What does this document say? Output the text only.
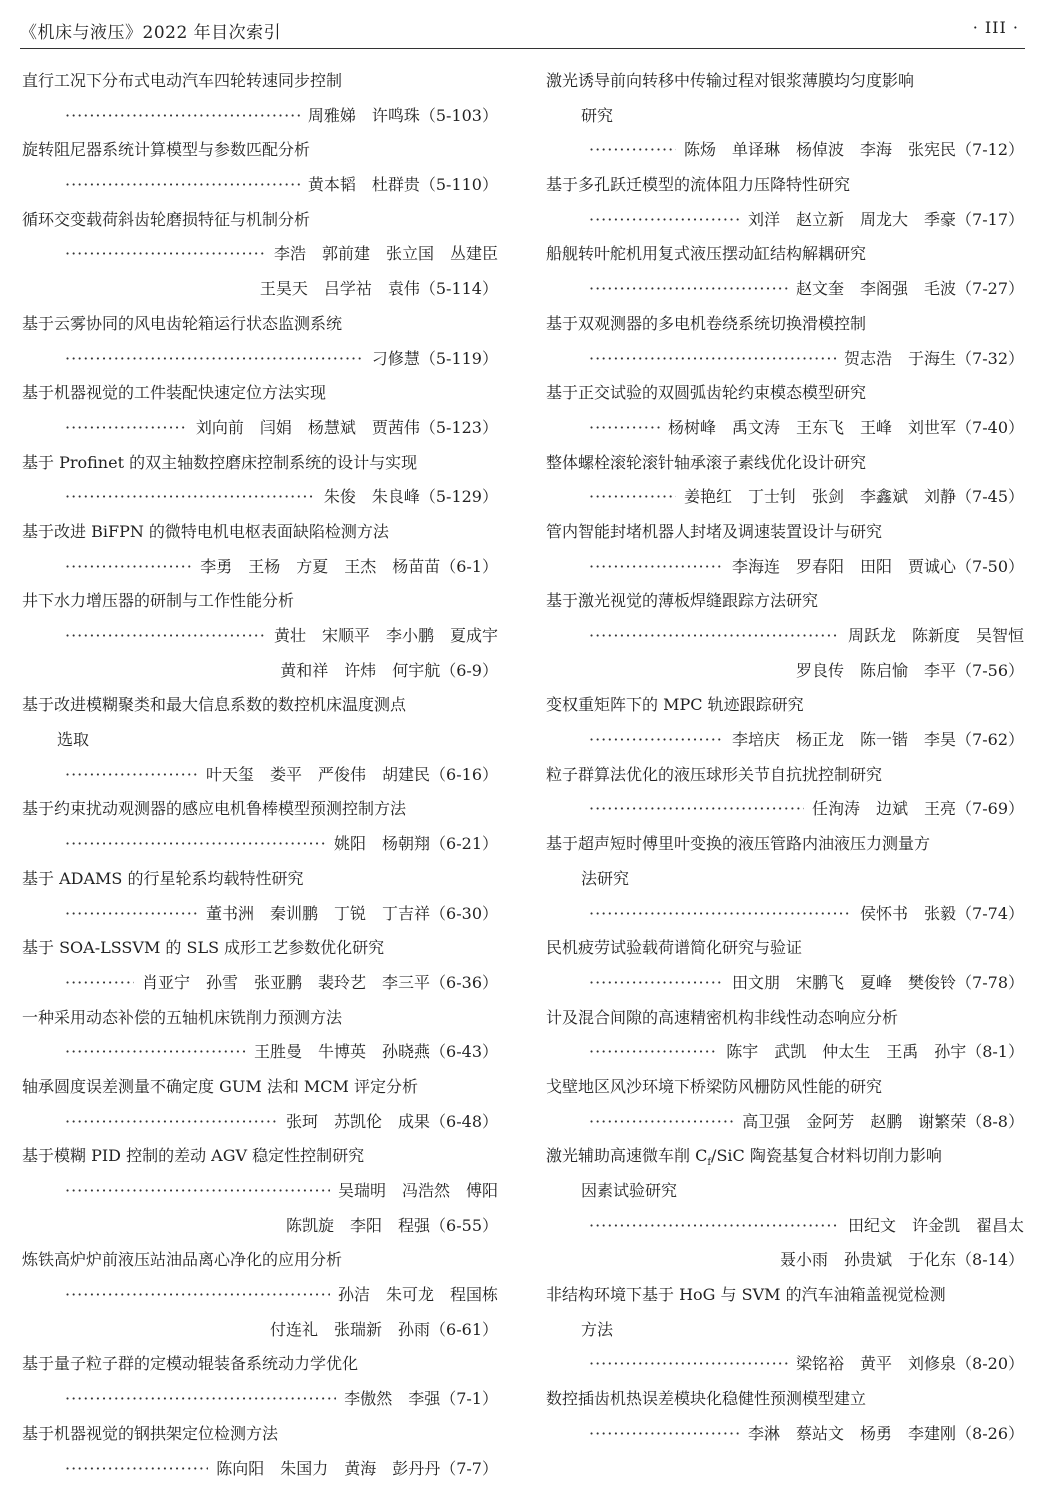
《机床与液压》2022 年目次索引	· III ·
直行工况下分布式电动汽车四轮转速同步控制
·····
周雅娣　许鸣珠（5-103）
旋转阻尼器系统计算模型与参数匹配分析
·····
黄本韬　杜群贵（5-110）
循环交变载荷斜齿轮磨损特征与机制分析
·····
李浩　郭前建　张立国　丛建臣
王昊天　吕学祜　袁伟（5-114）
基于云雾协同的风电齿轮箱运行状态监测系统
·····
刁修慧（5-119）
基于机器视觉的工件装配快速定位方法实现
·····
刘向前　闫娟　杨慧斌　贾茜伟（5-123）
基于 Profinet 的双主轴数控磨床控制系统的设计与实现
·····
朱俊　朱良峰（5-129）
基于改进 BiFPN 的微特电机电枢表面缺陷检测方法
·····
李勇　王杨　方夏　王杰　杨苗苗（6-1）
井下水力增压器的研制与工作性能分析
·····
黄壮　宋顺平　李小鹏　夏成宇
黄和祥　许炜　何宇航（6-9）
基于改进模糊聚类和最大信息系数的数控机床温度测点
选取
·····
叶天玺　娄平　严俊伟　胡建民（6-16）
基于约束扰动观测器的感应电机鲁棒模型预测控制方法
·····
姚阳　杨朝翔（6-21）
基于 ADAMS 的行星轮系均载特性研究
·····
董书洲　秦训鹏　丁锐　丁吉祥（6-30）
基于 SOA-LSSVM 的 SLS 成形工艺参数优化研究
·····
肖亚宁　孙雪　张亚鹏　裴玲艺　李三平（6-36）
一种采用动态补偿的五轴机床铣削力预测方法
·····
王胜曼　牛博英　孙晓燕（6-43）
轴承圆度误差测量不确定度 GUM 法和 MCM 评定分析
·····
张珂　苏凯伦　成果（6-48）
基于模糊 PID 控制的差动 AGV 稳定性控制研究
·····
吴瑞明　冯浩然　傅阳
陈凯旋　李阳　程强（6-55）
炼铁高炉炉前液压站油品离心净化的应用分析
·····
孙洁　朱可龙　程国栋
付连礼　张瑞新　孙雨（6-61）
基于量子粒子群的定模动辊装备系统动力学优化
·····
李傲然　李强（7-1）
基于机器视觉的钢拱架定位检测方法
·····
陈向阳　朱国力　黄海　彭丹丹（7-7）
激光诱导前向转移中传输过程对银浆薄膜均匀度影响
研究
·····
陈炀　单译琳　杨倬波　李海　张宪民（7-12）
基于多孔跃迁模型的流体阻力压降特性研究
·····
刘洋　赵立新　周龙大　季豪（7-17）
船舰转叶舵机用复式液压摆动缸结构解耦研究
·····
赵文奎　李阁强　毛波（7-27）
基于双观测器的多电机卷绕系统切换滑模控制
·····
贺志浩　于海生（7-32）
基于正交试验的双圆弧齿轮约束模态模型研究
·····
杨树峰　禹文涛　王东飞　王峰　刘世军（7-40）
整体螺栓滚轮滚针轴承滚子素线优化设计研究
·····
姜艳红　丁士钊　张剑　李鑫斌　刘静（7-45）
管内智能封堵机器人封堵及调速装置设计与研究
·····
李海连　罗春阳　田阳　贾诚心（7-50）
基于激光视觉的薄板焊缝跟踪方法研究
·····
周跃龙　陈新度　吴智恒
罗良传　陈启愉　李平（7-56）
变权重矩阵下的 MPC 轨迹跟踪研究
·····
李培庆　杨正龙　陈一锴　李昊（7-62）
粒子群算法优化的液压球形关节自抗扰控制研究
·····
任洵涛　边斌　王亮（7-69）
基于超声短时傅里叶变换的液压管路内油液压力测量方
法研究
·····
侯怀书　张毅（7-74）
民机疲劳试验载荷谱简化研究与验证
·····
田文朋　宋鹏飞　夏峰　樊俊铃（7-78）
计及混合间隙的高速精密机构非线性动态响应分析
·····
陈宇　武凯　仲太生　王禹　孙宇（8-1）
戈壁地区风沙环境下桥梁防风栅防风性能的研究
·····
高卫强　金阿芳　赵鹏　谢繁荣（8-8）
激光辅助高速微车削 $C_f$/SiC 陶瓷基复合材料切削力影响
因素试验研究
·····
田纪文　许金凯　翟昌太
聂小雨　孙贵斌　于化东（8-14）
非结构环境下基于 HoG 与 SVM 的汽车油箱盖视觉检测
方法
·····
梁铭裕　黄平　刘修泉（8-20）
数控插齿机热误差模块化稳健性预测模型建立
·····
李淋　蔡站文　杨勇　李建刚（8-26）
